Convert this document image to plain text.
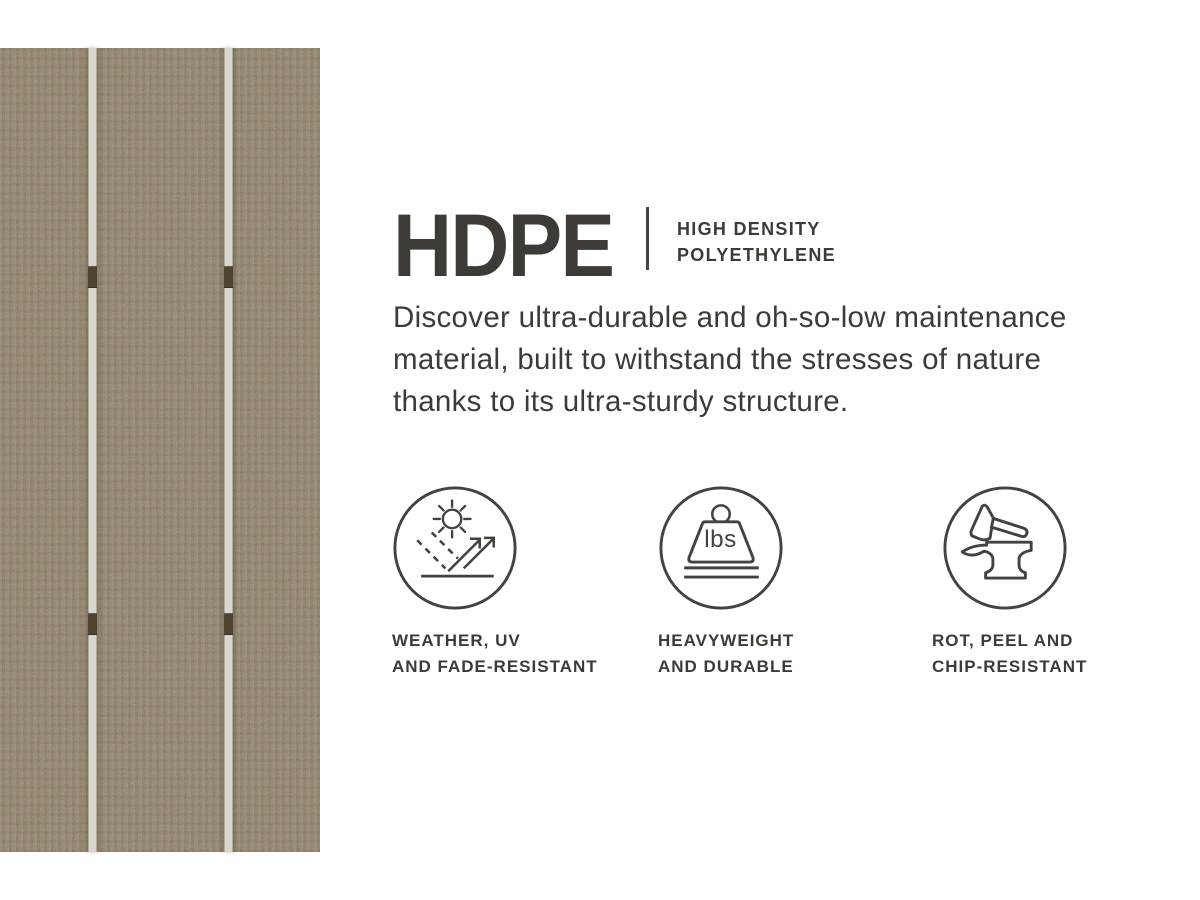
HDPE	HIGH DENSITY
POLYETHYLENE
Discover ultra-durable and oh-so-low maintenance
material, built to withstand the stresses of nature
thanks to its ultra-sturdy structure.
WEATHER, UV
AND FADE-RESISTANT
lbs
HEAVYWEIGHT
AND DURABLE
ROT, PEEL AND
CHIP-RESISTANT
